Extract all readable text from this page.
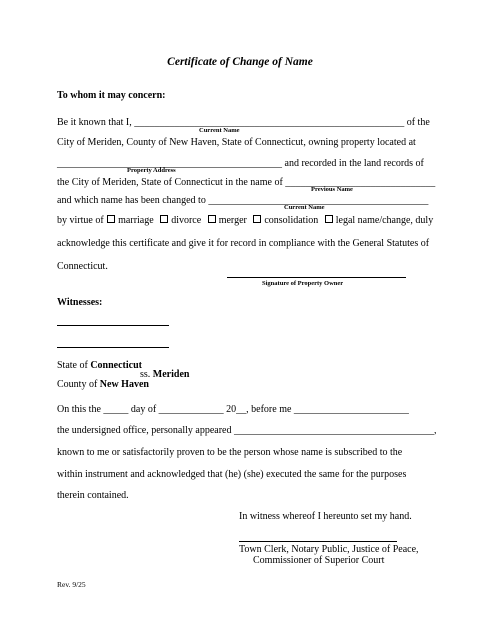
Certificate of Change of Name
To whom it may concern:
Be it known that I, ______________________________________________________ of the
Current Name
City of Meriden, County of New Haven, State of Connecticut, owning property located at
_____________________________________________ and recorded in the land records of
Property Address
the City of Meriden, State of Connecticut in the name of ______________________________
Previous Name
and which name has been changed to ____________________________________________
Current Name
by virtue of marriage divorce merger consolidation legal name/change, duly
acknowledge this certificate and give it for record in compliance with the General Statutes of
Connecticut.
Signature of Property Owner
Witnesses:
State of Connecticut
ss. Meriden
County of New Haven
On this the _____ day of _____________ 20__, before me _______________________
the undersigned office, personally appeared ________________________________________,
known to me or satisfactorily proven to be the person whose name is subscribed to the
within instrument and acknowledged that (he) (she) executed the same for the purposes
therein contained.
In witness whereof I hereunto set my hand.
Town Clerk, Notary Public, Justice of Peace,
Commissioner of Superior Court
Rev. 9/25
